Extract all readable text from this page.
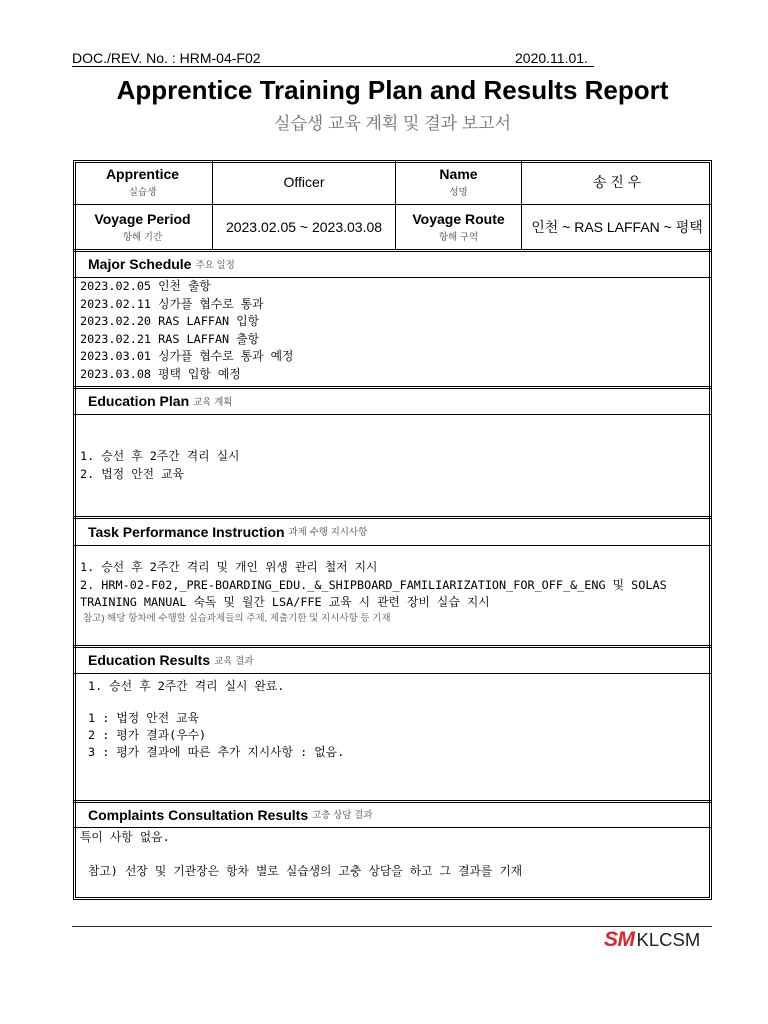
DOC./REV. No. : HRM-04-F02	2020.11.01.
Apprentice Training Plan and Results Report
실습생 교육 계획 및 결과 보고서
Apprentice
실습생
Officer
Name
성명
송 진 우
Voyage Period
항해 기간
2023.02.05 ~ 2023.03.08
Voyage Route
항해 구역
인천 ~ RAS LAFFAN ~ 평택
Major Schedule 주요 일정
2023.02.05 인천 출항
2023.02.11 싱가플 협수로 통과
2023.02.20 RAS LAFFAN 입항
2023.02.21 RAS LAFFAN 출항
2023.03.01 싱가플 협수로 통과 예정
2023.03.08 평택 입항 예정
Education Plan 교육 계획
1. 승선 후 2주간 격리 실시
2. 법정 안전 교육
Task Performance Instruction 과제 수행 지시사항
1. 승선 후 2주간 격리 및 개인 위생 관리 철저 지시
2. HRM-02-F02,_PRE-BOARDING_EDU._&_SHIPBOARD_FAMILIARIZATION_FOR_OFF_&_ENG 및 SOLAS TRAINING MANUAL 숙독 및 월간 LSA/FFE 교육 시 관련 장비 실습 지시
참고) 해당 항차에 수행할 실습과제들의 주제, 제출기한 및 지시사항 등 기재
Education Results 교육 결과
1. 승선 후 2주간 격리 실시 완료.
1 : 법정 안전 교육
2 : 평가 결과(우수)
3 : 평가 결과에 따른 추가 지시사항 : 없음.
Complaints Consultation Results 고충 상담 결과
특이 사항 없음.
참고) 선장 및 기관장은 항차 별로 실습생의 고충 상담을 하고 그 결과를 기재
SM KLCSM
